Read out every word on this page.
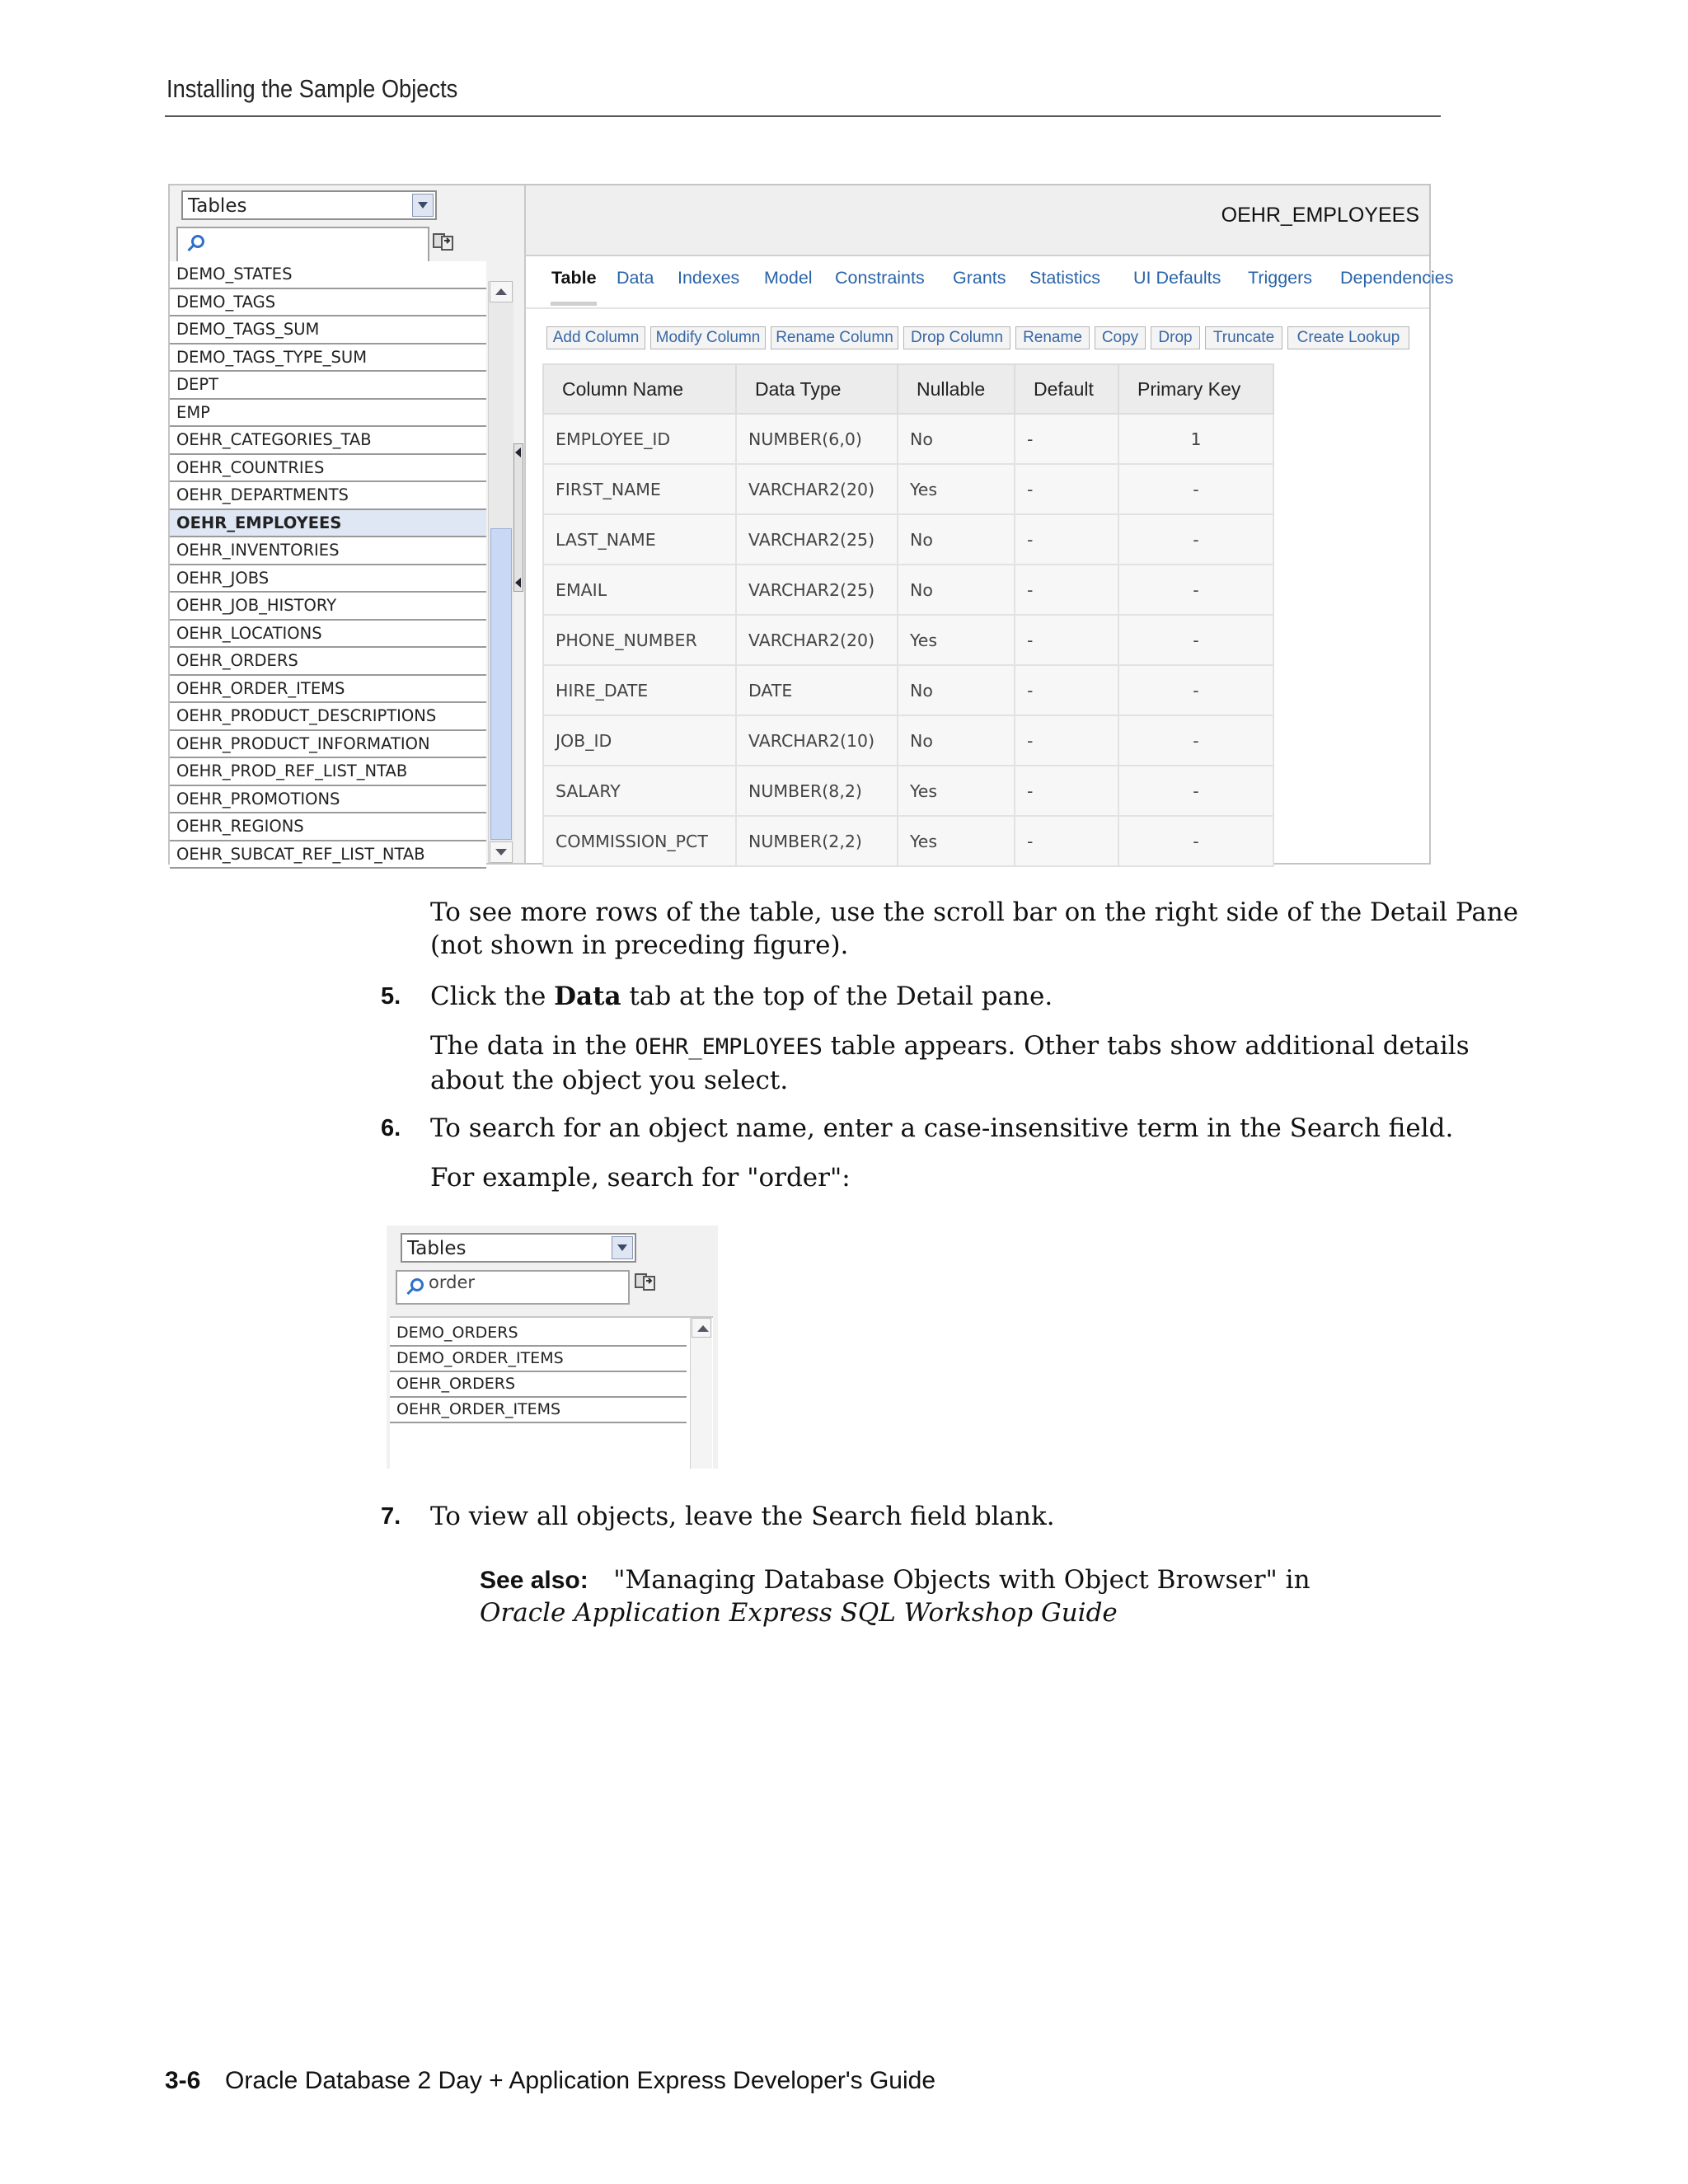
Installing the Sample Objects
Tables
DEMO_STATES
DEMO_TAGS
DEMO_TAGS_SUM
DEMO_TAGS_TYPE_SUM
DEPT
EMP
OEHR_CATEGORIES_TAB
OEHR_COUNTRIES
OEHR_DEPARTMENTS
OEHR_EMPLOYEES
OEHR_INVENTORIES
OEHR_JOBS
OEHR_JOB_HISTORY
OEHR_LOCATIONS
OEHR_ORDERS
OEHR_ORDER_ITEMS
OEHR_PRODUCT_DESCRIPTIONS
OEHR_PRODUCT_INFORMATION
OEHR_PROD_REF_LIST_NTAB
OEHR_PROMOTIONS
OEHR_REGIONS
OEHR_SUBCAT_REF_LIST_NTAB
OEHR_EMPLOYEES
Table Data Indexes Model Constraints Grants Statistics UI Defaults Triggers Dependencies
Add Column	Modify Column Rename Column	Drop Column	Rename	Copy	Drop	Truncate	Create Lookup
Column Name	Data Type	Nullable	Default	Primary Key
EMPLOYEE_ID	NUMBER(6,0)	No	-	1
FIRST_NAME	VARCHAR2(20)	Yes	-	-
LAST_NAME	VARCHAR2(25)	No	-	-
EMAIL	VARCHAR2(25)	No	-	-
PHONE_NUMBER	VARCHAR2(20)	Yes	-	-
HIRE_DATE	DATE	No	-	-
JOB_ID	VARCHAR2(10)	No	-	-
SALARY	NUMBER(8,2)	Yes	-	-
COMMISSION_PCT	NUMBER(2,2)	Yes	-	-
To see more rows of the table, use the scroll bar on the right side of the Detail Pane
(not shown in preceding figure).
5. Click the Data tab at the top of the Detail pane.
The data in the OEHR_EMPLOYEES table appears. Other tabs show additional details
about the object you select.
6. To search for an object name, enter a case-insensitive term in the Search field.
For example, search for "order":
Tables
order
DEMO_ORDERS
DEMO_ORDER_ITEMS
OEHR_ORDERS
OEHR_ORDER_ITEMS
7. To view all objects, leave the Search field blank.
See also: "Managing Database Objects with Object Browser" in
Oracle Application Express SQL Workshop Guide
3-6 Oracle Database 2 Day + Application Express Developer's Guide
